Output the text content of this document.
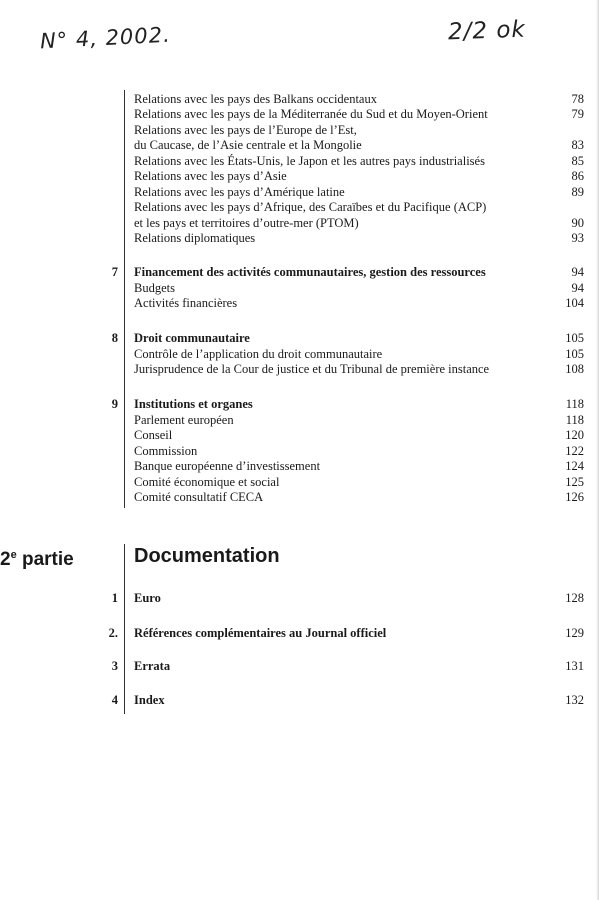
N° 4, 2002.	2/2 ok
Relations avec les pays des Balkans occidentaux	78
Relations avec les pays de la Méditerranée du Sud et du Moyen-Orient	79
Relations avec les pays de l’Europe de l’Est,
du Caucase, de l’Asie centrale et la Mongolie	83
Relations avec les États-Unis, le Japon et les autres pays industrialisés	85
Relations avec les pays d’Asie	86
Relations avec les pays d’Amérique latine	89
Relations avec les pays d’Afrique, des Caraïbes et du Pacifique (ACP)
et les pays et territoires d’outre-mer (PTOM)	90
Relations diplomatiques	93
7 Financement des activités communautaires, gestion des ressources	94
Budgets	94
Activités financières	104
8 Droit communautaire	105
Contrôle de l’application du droit communautaire	105
Jurisprudence de la Cour de justice et du Tribunal de première instance	108
9 Institutions et organes	118
Parlement européen	118
Conseil	120
Commission	122
Banque européenne d’investissement	124
Comité économique et social	125
Comité consultatif CECA	126
2e partie	Documentation
1 Euro	128
2. Références complémentaires au Journal officiel	129
3 Errata	131
4 Index	132
